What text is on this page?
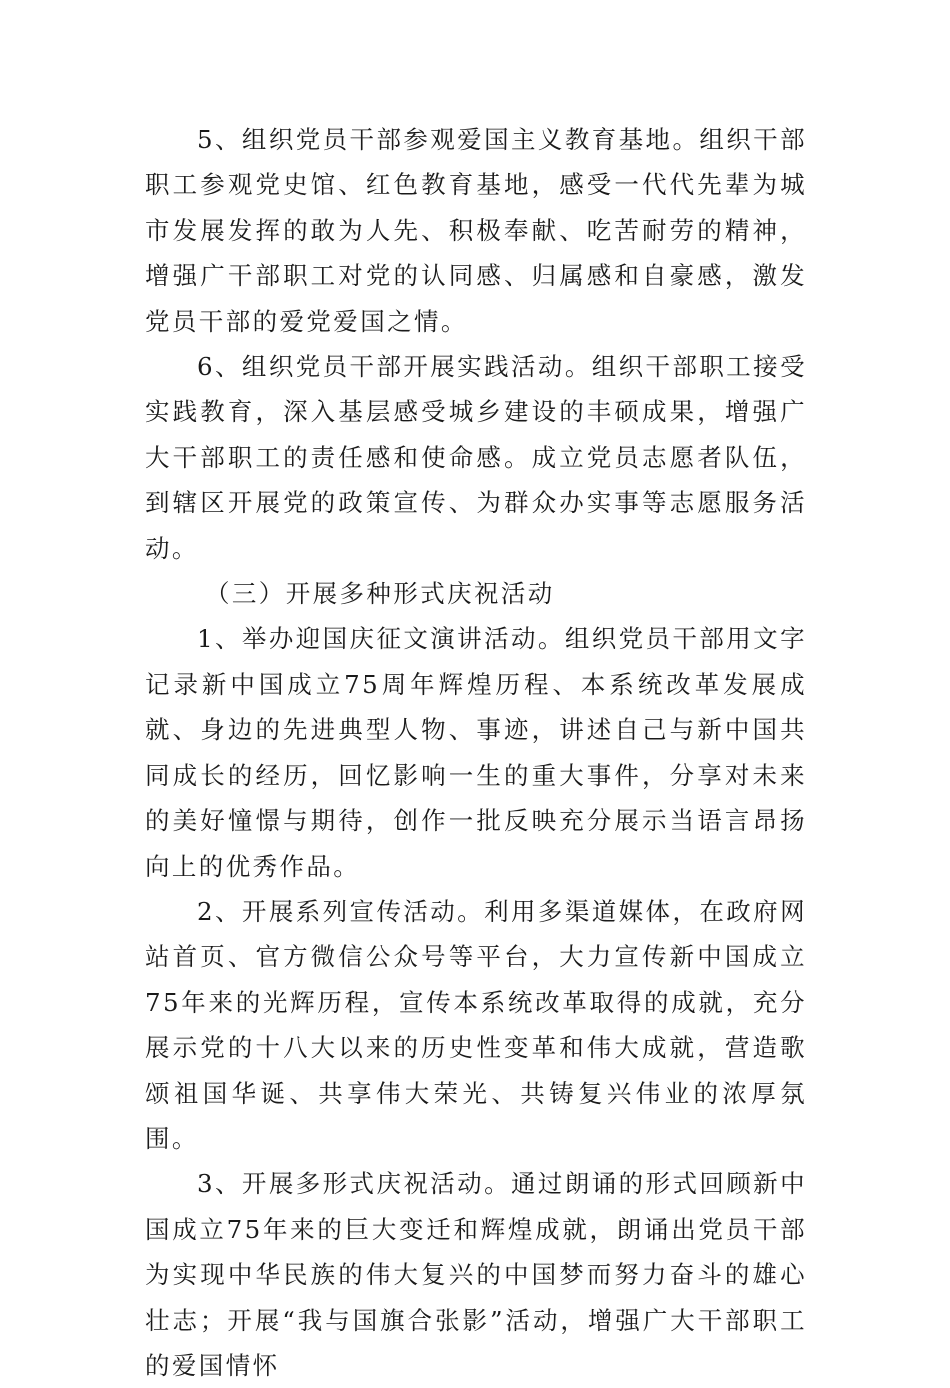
5、组织党员干部参观爱国主义教育基地。组织干部职工参观党史馆、红色教育基地，感受一代代先辈为城市发展发挥的敢为人先、积极奉献、吃苦耐劳的精神，增强广干部职工对党的认同感、归属感和自豪感，激发党员干部的爱党爱国之情。

6、组织党员干部开展实践活动。组织干部职工接受实践教育，深入基层感受城乡建设的丰硕成果，增强广大干部职工的责任感和使命感。成立党员志愿者队伍，到辖区开展党的政策宣传、为群众办实事等志愿服务活动。

（三）开展多种形式庆祝活动

1、举办迎国庆征文演讲活动。组织党员干部用文字记录新中国成立75周年辉煌历程、本系统改革发展成就、身边的先进典型人物、事迹，讲述自己与新中国共同成长的经历，回忆影响一生的重大事件，分享对未来的美好憧憬与期待，创作一批反映充分展示当语言昂扬向上的优秀作品。

2、开展系列宣传活动。利用多渠道媒体，在政府网站首页、官方微信公众号等平台，大力宣传新中国成立75年来的光辉历程，宣传本系统改革取得的成就，充分展示党的十八大以来的历史性变革和伟大成就，营造歌颂祖国华诞、共享伟大荣光、共铸复兴伟业的浓厚氛围。

3、开展多形式庆祝活动。通过朗诵的形式回顾新中国成立75年来的巨大变迁和辉煌成就，朗诵出党员干部为实现中华民族的伟大复兴的中国梦而努力奋斗的雄心壮志；开展“我与国旗合张影”活动，增强广大干部职工的爱国情怀
